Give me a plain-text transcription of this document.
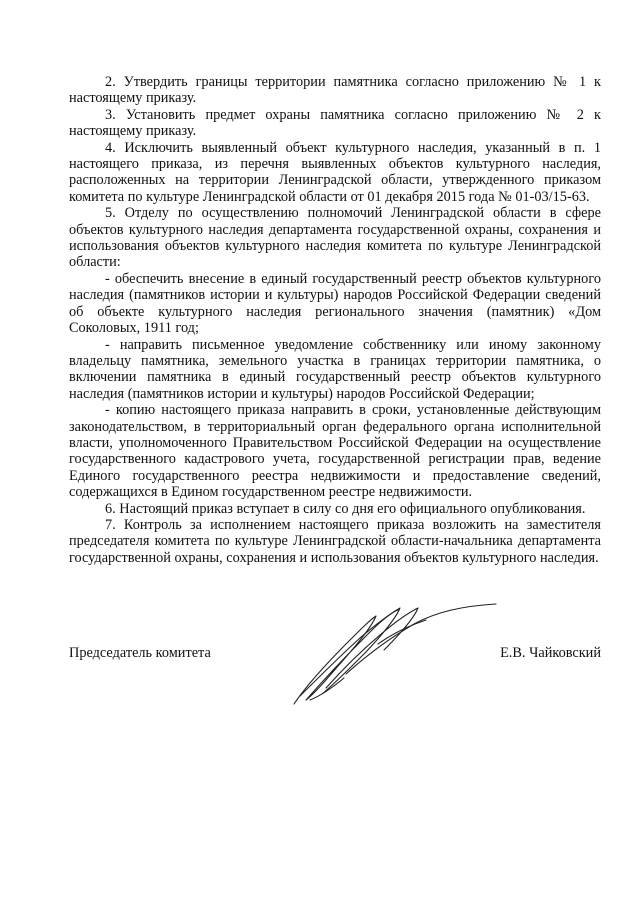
2. Утвердить границы территории памятника согласно приложению № 1 к настоящему приказу.

3. Установить предмет охраны памятника согласно приложению № 2 к настоящему приказу.

4. Исключить выявленный объект культурного наследия, указанный в п. 1 настоящего приказа, из перечня выявленных объектов культурного наследия, расположенных на территории Ленинградской области, утвержденного приказом комитета по культуре Ленинградской области от 01 декабря 2015 года № 01-03/15-63.

5. Отделу по осуществлению полномочий Ленинградской области в сфере объектов культурного наследия департамента государственной охраны, сохранения и использования объектов культурного наследия комитета по культуре Ленинградской области:

- обеспечить внесение в единый государственный реестр объектов культурного наследия (памятников истории и культуры) народов Российской Федерации сведений об объекте культурного наследия регионального значения (памятник) «Дом Соколовых, 1911 год;

- направить письменное уведомление собственнику или иному законному владельцу памятника, земельного участка в границах территории памятника, о включении памятника в единый государственный реестр объектов культурного наследия (памятников истории и культуры) народов Российской Федерации;

- копию настоящего приказа направить в сроки, установленные действующим законодательством, в территориальный орган федерального органа исполнительной власти, уполномоченного Правительством Российской Федерации на осуществление государственного кадастрового учета, государственной регистрации прав, ведение Единого государственного реестра недвижимости и предоставление сведений, содержащихся в Едином государственном реестре недвижимости.

6. Настоящий приказ вступает в силу со дня его официального опубликования.

7. Контроль за исполнением настоящего приказа возложить на заместителя председателя комитета по культуре Ленинградской области-начальника департамента государственной охраны, сохранения и использования объектов культурного наследия.

Председатель комитета	Е.В. Чайковский
